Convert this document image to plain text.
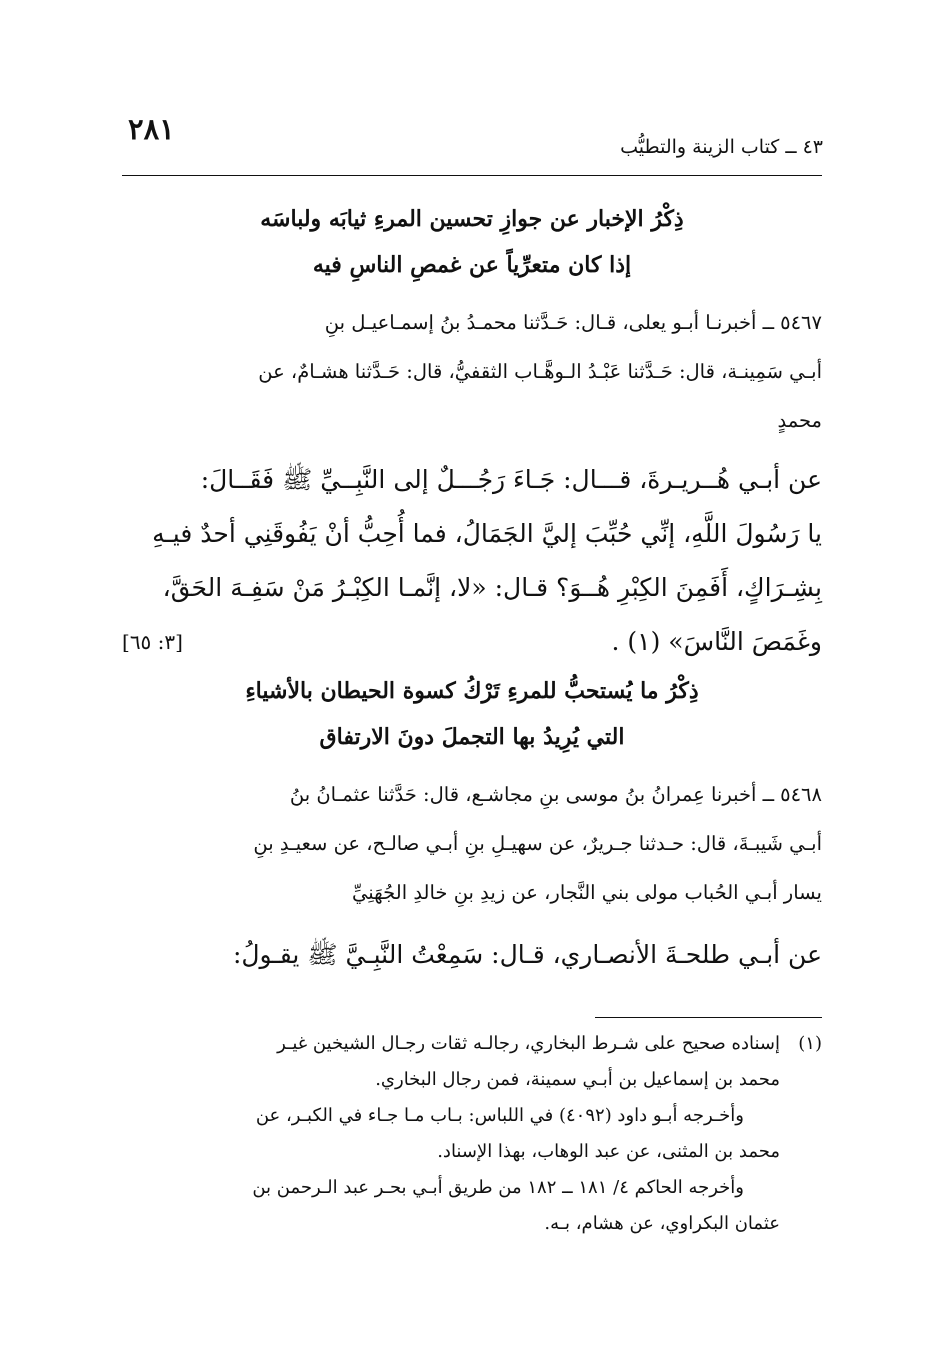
٢٨١
٤٣ ــ كتاب الزينة والتطيُّب
ذِكْرُ الإخبار عن جوازِ تحسين المرءِ ثيابَه ولباسَه
إذا كان متعرِّياً عن غمصِ الناسِ فيه
٥٤٦٧ــ أخبرنـا أبـو يعلى، قـال: حَـدَّثنا محمـدُ بنُ إسمـاعيـل بنِ
أبـي سَمِينـة، قال: حَـدَّثنا عَبْـدُ الـوهَّـاب الثقفيُّ، قال: حَـدَّثنا هشـامٌ، عن
محمدٍ
عن أبـي هُــريـرةَ، قـــال: جَـاءَ رَجُـــلٌ إلى النَّبِــيِّ ﷺ فَقَــالَ:
يا رَسُولَ اللَّهِ، إنِّي حُبِّبَ إليَّ الجَمَالُ، فما أُحِبُّ أنْ يَفُوقَنِي أحدٌ فيـهِ
بِشِـرَاكٍ، أَفَمِنَ الكِبْرِ هُــوَ؟ قـال: «لا، إنَّمـا الكِبْـرُ مَنْ سَفِـهَ الحَقَّ،
وغَمَصَ النَّاسَ» (١) .
[٣: ٦٥]
ذِكْرُ ما يُستحبُّ للمرءِ تَرْكُ كسوة الحيطان بالأشياءِ
التي يُرِيدُ بها التجملَ دونَ الارتفاق
٥٤٦٨ــ أخبرنا عِمرانُ بنُ موسى بنِ مجاشـع، قال: حَدَّثنا عثمـانُ بنُ
أبـي شَيبـةَ، قال: حـدثنا جـريرٌ، عن سهيـلِ بنِ أبـي صالـح، عن سعيـدِ بنِ
يسار أبـي الحُباب مولى بني النَّجار، عن زيدِ بنِ خالدِ الجُهَنِيِّ
عن أبـي طلحـةَ الأنصـاري، قـال: سَمِعْتُ النَّبِـيَّ ﷺ يقـولُ:
(١)
إسناده صحيح على شـرط البخاري، رجالـه ثقات رجـال الشيخين غيـر
محمد بن إسماعيل بن أبـي سمينة، فمن رجال البخاري.
وأخـرجه أبـو داود (٤٠٩٢) في اللباس: بـاب مـا جـاء في الكبـر، عن
محمد بن المثنى، عن عبد الوهاب، بهذا الإسناد.
وأخرجه الحاكم ٤/ ١٨١ ــ ١٨٢ من طريق أبـي بحـر عبد الـرحمن بن
عثمان البكراوي، عن هشام، بـه.
